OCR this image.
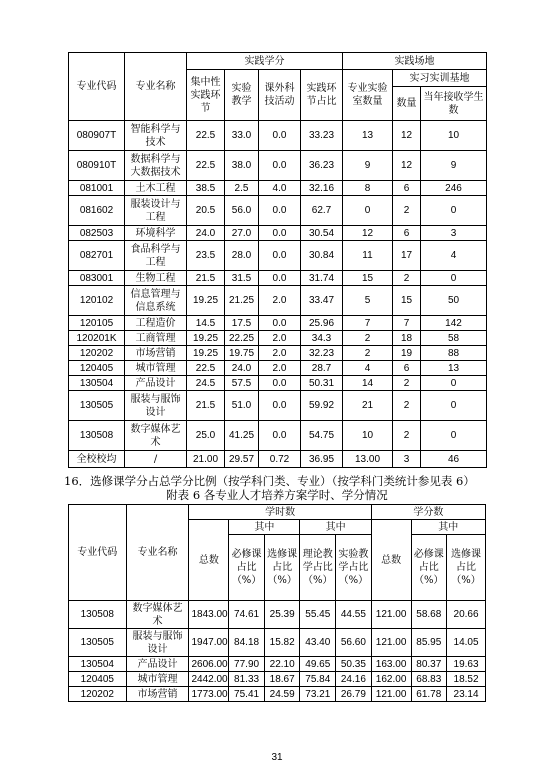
专业代码	专业名称	实践学分				实践场地		
		集中性实践环节	实验教学	课外科技活动	实践环节占比	专业实验室数量	实习实训基地	
							数量	当年接收学生数
080907T	智能科学与技术	22.5	33.0	0.0	33.23	13	12	10
080910T	数据科学与大数据技术	22.5	38.0	0.0	36.23	9	12	9
081001	土木工程	38.5	2.5	4.0	32.16	8	6	246
081602	服装设计与工程	20.5	56.0	0.0	62.7	0	2	0
082503	环境科学	24.0	27.0	0.0	30.54	12	6	3
082701	食品科学与工程	23.5	28.0	0.0	30.84	11	17	4
083001	生物工程	21.5	31.5	0.0	31.74	15	2	0
120102	信息管理与信息系统	19.25	21.25	2.0	33.47	5	15	50
120105	工程造价	14.5	17.5	0.0	25.96	7	7	142
120201K	工商管理	19.25	22.25	2.0	34.3	2	18	58
120202	市场营销	19.25	19.75	2.0	32.23	2	19	88
120405	城市管理	22.5	24.0	2.0	28.7	4	6	13
130504	产品设计	24.5	57.5	0.0	50.31	14	2	0
130505	服装与服饰设计	21.5	51.0	0.0	59.92	21	2	0
130508	数字媒体艺术	25.0	41.25	0.0	54.75	10	2	0
全校校均	/	21.00	29.57	0.72	36.95	13.00	3	46
16．选修课学分占总学分比例（按学科门类、专业）（按学科门类统计参见表 6）
附表 6 各专业人才培养方案学时、学分情况
专业代码	专业名称	学时数					学分数		
		总数	其中		其中		总数	其中	
			必修课占比（%）	选修课占比（%）	理论教学占比（%）	实验教学占比（%）		必修课占比（%）	选修课占比（%）
130508	数字媒体艺术	1843.00	74.61	25.39	55.45	44.55	121.00	58.68	20.66
130505	服装与服饰设计	1947.00	84.18	15.82	43.40	56.60	121.00	85.95	14.05
130504	产品设计	2606.00	77.90	22.10	49.65	50.35	163.00	80.37	19.63
120405	城市管理	2442.00	81.33	18.67	75.84	24.16	162.00	68.83	18.52
120202	市场营销	1773.00	75.41	24.59	73.21	26.79	121.00	61.78	23.14
31
